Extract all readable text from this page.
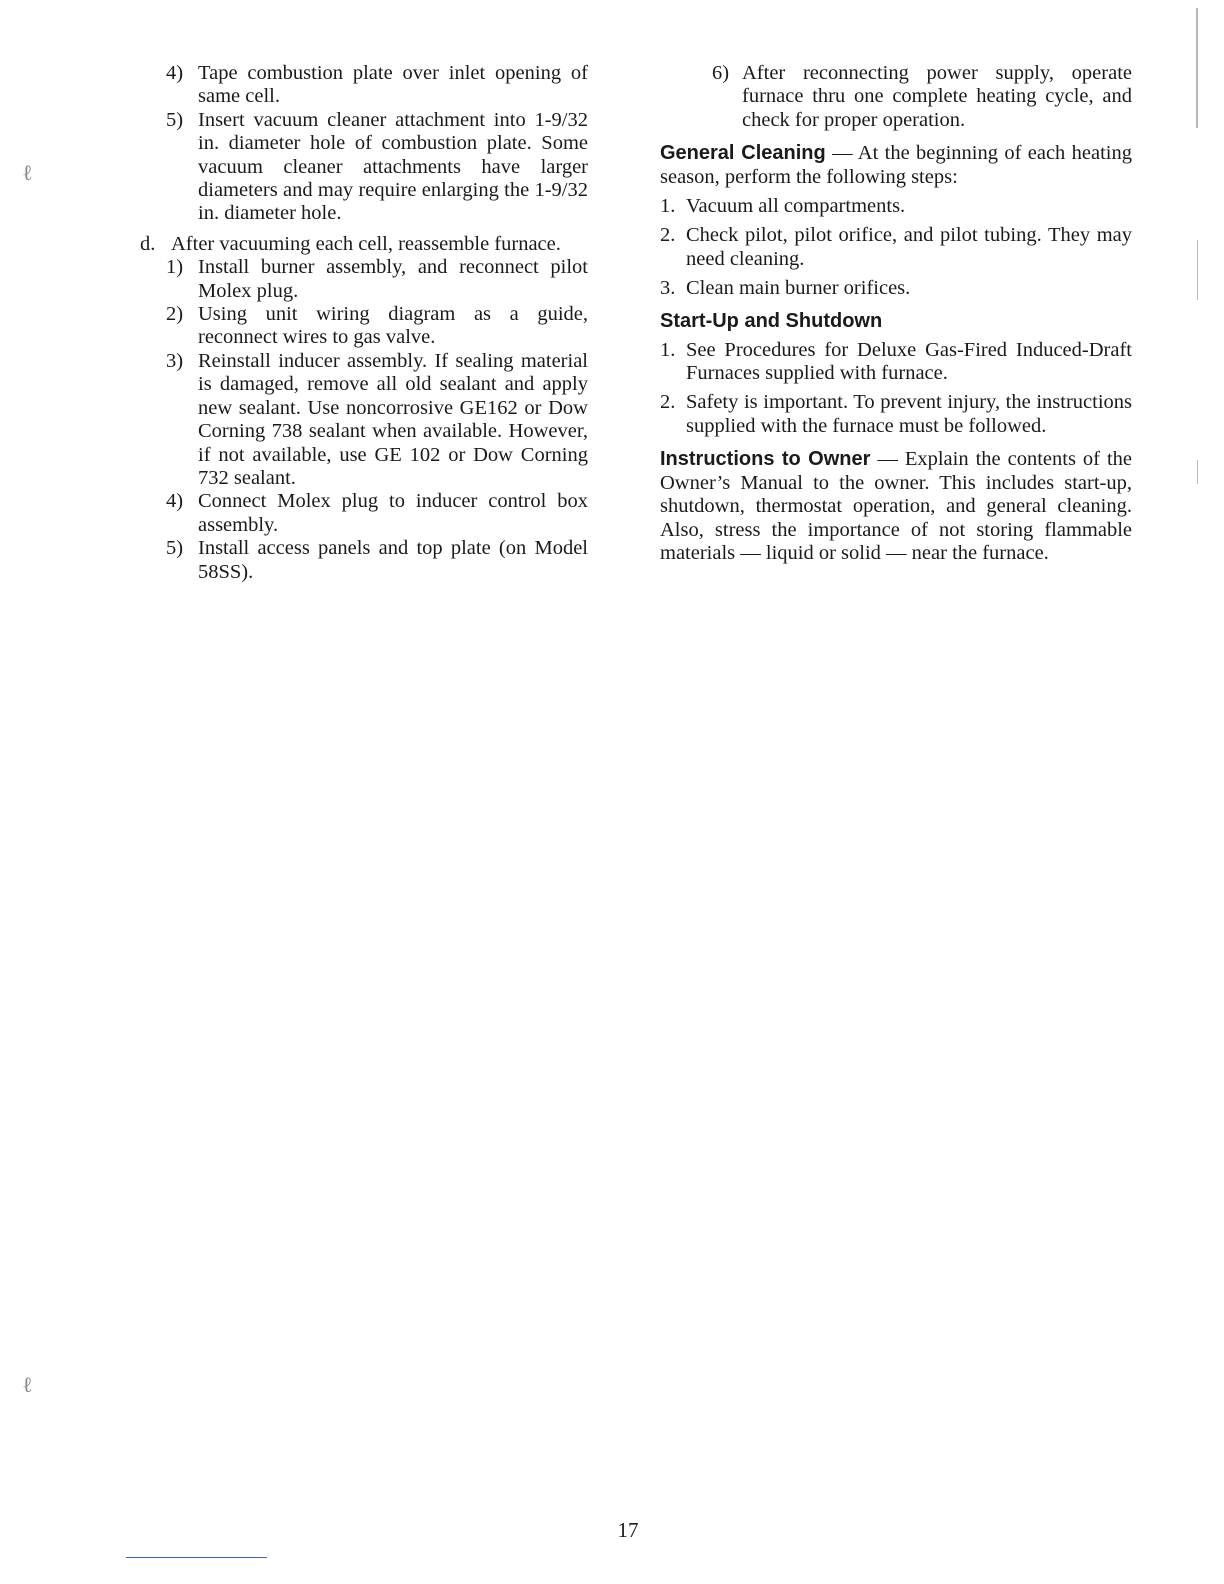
4) Tape combustion plate over inlet opening of same cell.
5) Insert vacuum cleaner attachment into 1-9/32 in. diameter hole of combustion plate. Some vacuum cleaner attachments have larger diameters and may require enlarging the 1-9/32 in. diameter hole.
d. After vacuuming each cell, reassemble furnace.
1) Install burner assembly, and reconnect pilot Molex plug.
2) Using unit wiring diagram as a guide, reconnect wires to gas valve.
3) Reinstall inducer assembly. If sealing material is damaged, remove all old sealant and apply new sealant. Use noncorrosive GE162 or Dow Corning 738 sealant when available. However, if not available, use GE 102 or Dow Corning 732 sealant.
4) Connect Molex plug to inducer control box assembly.
5) Install access panels and top plate (on Model 58SS).
6) After reconnecting power supply, operate furnace thru one complete heating cycle, and check for proper operation.
General Cleaning — At the beginning of each heating season, perform the following steps:
1. Vacuum all compartments.
2. Check pilot, pilot orifice, and pilot tubing. They may need cleaning.
3. Clean main burner orifices.
Start-Up and Shutdown
1. See Procedures for Deluxe Gas-Fired Induced-Draft Furnaces supplied with furnace.
2. Safety is important. To prevent injury, the instructions supplied with the furnace must be followed.
Instructions to Owner — Explain the contents of the Owner’s Manual to the owner. This includes start-up, shutdown, thermostat operation, and general cleaning. Also, stress the importance of not storing flammable materials — liquid or solid — near the furnace.
ℓ
ℓ
17
